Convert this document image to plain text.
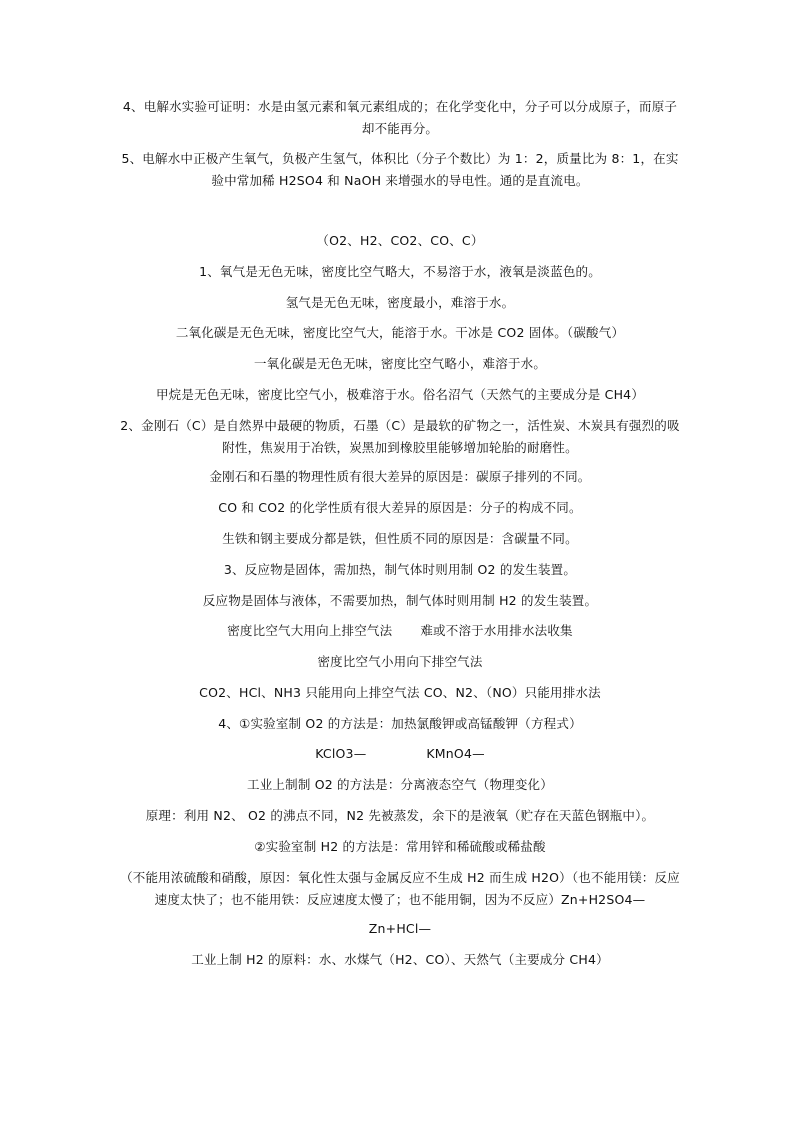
4、电解水实验可证明：水是由氢元素和氧元素组成的；在化学变化中，分子可以分成原子，而原子却不能再分。
5、电解水中正极产生氧气，负极产生氢气，体积比（分子个数比）为 1：2，质量比为 8：1，在实验中常加稀 H2SO4 和 NaOH 来增强水的导电性。通的是直流电。
（O2、H2、CO2、CO、C）
1、氧气是无色无味，密度比空气略大，不易溶于水，液氧是淡蓝色的。
氢气是无色无味，密度最小，难溶于水。
二氧化碳是无色无味，密度比空气大，能溶于水。干冰是 CO2 固体。（碳酸气）
一氧化碳是无色无味，密度比空气略小，难溶于水。
甲烷是无色无味，密度比空气小，极难溶于水。俗名沼气（天然气的主要成分是 CH4）
2、金刚石（C）是自然界中最硬的物质，石墨（C）是最软的矿物之一，活性炭、木炭具有强烈的吸附性，焦炭用于冶铁，炭黑加到橡胶里能够增加轮胎的耐磨性。
金刚石和石墨的物理性质有很大差异的原因是：碳原子排列的不同。
CO 和 CO2 的化学性质有很大差异的原因是：分子的构成不同。
生铁和钢主要成分都是铁，但性质不同的原因是：含碳量不同。
3、反应物是固体，需加热，制气体时则用制 O2 的发生装置。
反应物是固体与液体，不需要加热，制气体时则用制 H2 的发生装置。
密度比空气大用向上排空气法 难或不溶于水用排水法收集
密度比空气小用向下排空气法
CO2、HCl、NH3 只能用向上排空气法 CO、N2、（NO）只能用排水法
4、①实验室制 O2 的方法是：加热氯酸钾或高锰酸钾（方程式）
KClO3—	KMnO4—
工业上制制 O2 的方法是：分离液态空气（物理变化）
原理：利用 N2、 O2 的沸点不同，N2 先被蒸发，余下的是液氧（贮存在天蓝色钢瓶中）。
②实验室制 H2 的方法是：常用锌和稀硫酸或稀盐酸
（不能用浓硫酸和硝酸，原因：氧化性太强与金属反应不生成 H2 而生成 H2O）（也不能用镁：反应速度太快了；也不能用铁：反应速度太慢了；也不能用铜，因为不反应）Zn+H2SO4—
Zn+HCl—
工业上制 H2 的原料：水、水煤气（H2、CO）、天然气（主要成分 CH4）
